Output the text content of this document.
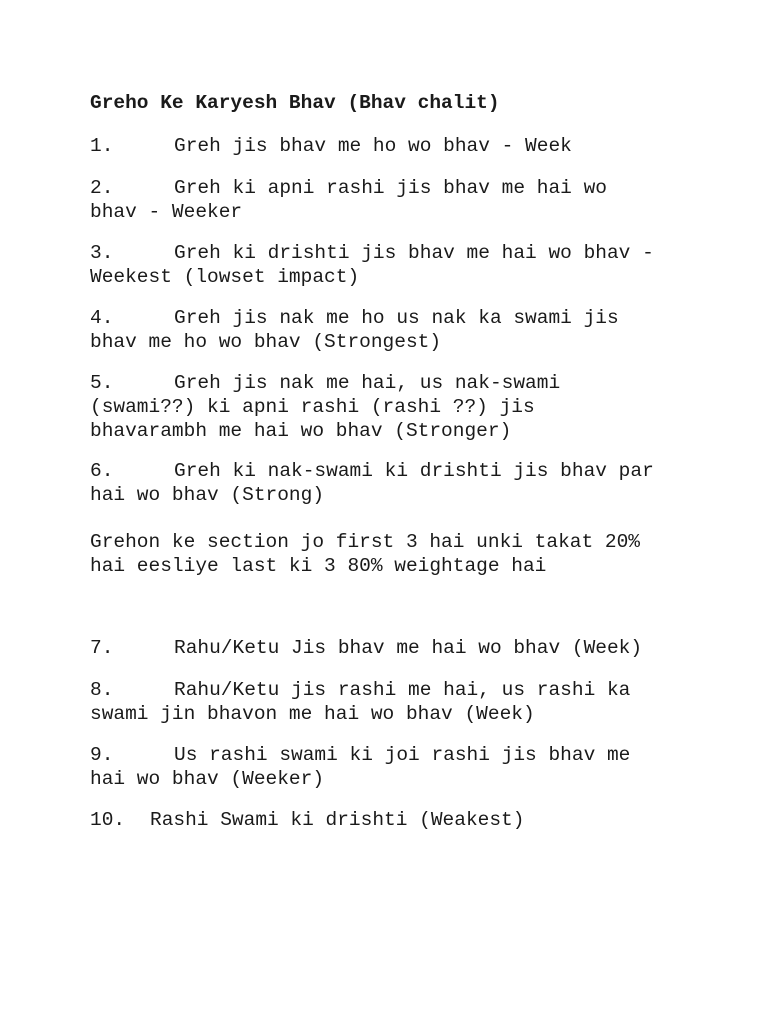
Greho Ke Karyesh Bhav (Bhav chalit)
1.	Greh jis bhav me ho wo bhav - Week
2.	Greh ki apni rashi jis bhav me hai wo
bhav - Weeker
3.	Greh ki drishti jis bhav me hai wo bhav -
Weekest (lowset impact)
4.	Greh jis nak me ho us nak ka swami jis
bhav me ho wo bhav (Strongest)
5.	Greh jis nak me hai, us nak-swami
(swami??) ki apni rashi (rashi ??) jis
bhavarambh me hai wo bhav (Stronger)
6.	Greh ki nak-swami ki drishti jis bhav par
hai wo bhav (Strong)
Grehon ke section jo first 3 hai unki takat 20%
hai eesliye last ki 3 80% weightage hai
7.	Rahu/Ketu Jis bhav me hai wo bhav (Week)
8.	Rahu/Ketu jis rashi me hai, us rashi ka
swami jin bhavon me hai wo bhav (Week)
9.	Us rashi swami ki joi rashi jis bhav me
hai wo bhav (Weeker)
10. Rashi Swami ki drishti (Weakest)
